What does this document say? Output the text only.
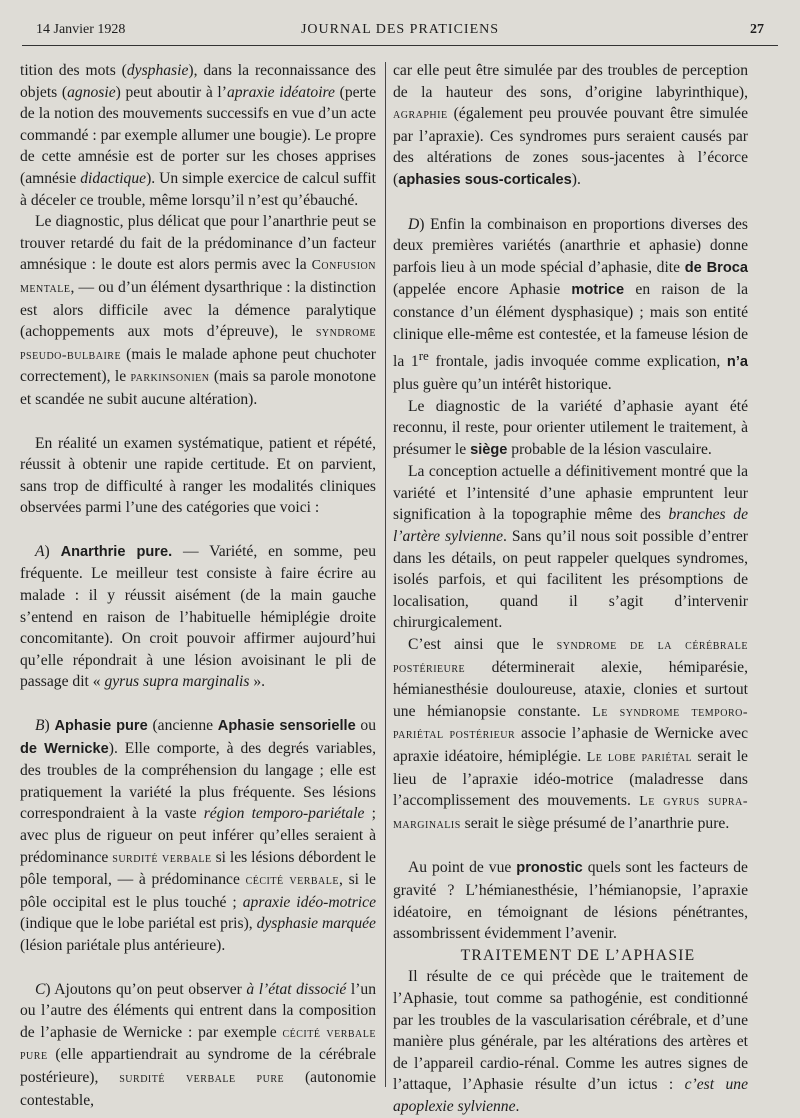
14 Janvier 1928	JOURNAL DES PRATICIENS	27

tition des mots (dysphasie), dans la reconnaissance des objets (agnosie) peut aboutir à l’apraxie idéatoire (perte de la notion des mouvements successifs en vue d’un acte commandé : par exemple allumer une bougie). Le propre de cette amnésie est de porter sur les choses apprises (amnésie didactique). Un simple exercice de calcul suffit à déceler ce trouble, même lorsqu’il n’est qu’ébauché.

Le diagnostic, plus délicat que pour l’anarthrie peut se trouver retardé du fait de la prédominance d’un facteur amnésique : le doute est alors permis avec la Confusion mentale, — ou d’un élément dysarthrique : la distinction est alors difficile avec la démence paralytique (achoppements aux mots d’épreuve), le syndrome pseudo-bulbaire (mais le malade aphone peut chuchoter correctement), le parkinsonien (mais sa parole monotone et scandée ne subit aucune altération).

En réalité un examen systématique, patient et répété, réussit à obtenir une rapide certitude. Et on parvient, sans trop de difficulté à ranger les modalités cliniques observées parmi l’une des catégories que voici :

A) Anarthrie pure. — Variété, en somme, peu fréquente. Le meilleur test consiste à faire écrire au malade : il y réussit aisément (de la main gauche s’entend en raison de l’habituelle hémiplégie droite concomitante). On croit pouvoir affirmer aujourd’hui qu’elle répondrait à une lésion avoisinant le pli de passage dit « gyrus supra marginalis ».

B) Aphasie pure (ancienne Aphasie sensorielle ou de Wernicke). Elle comporte, à des degrés variables, des troubles de la compréhension du langage ; elle est pratiquement la variété la plus fréquente. Ses lésions correspondraient à la vaste région temporo-pariétale ; avec plus de rigueur on peut inférer qu’elles seraient à prédominance surdité verbale si les lésions débordent le pôle temporal, — à prédominance cécité verbale, si le pôle occipital est le plus touché ; apraxie idéo-motrice (indique que le lobe pariétal est pris), dysphasie marquée (lésion pariétale plus antérieure).

C) Ajoutons qu’on peut observer à l’état dissocié l’un ou l’autre des éléments qui entrent dans la composition de l’aphasie de Wernicke : par exemple cécité verbale pure (elle appartiendrait au syndrome de la cérébrale postérieure), surdité verbale pure (autonomie contestable,

car elle peut être simulée par des troubles de perception de la hauteur des sons, d’origine labyrinthique), agraphie (également peu prouvée pouvant être simulée par l’apraxie). Ces syndromes purs seraient causés par des altérations de zones sous-jacentes à l’écorce (aphasies sous-corticales).

D) Enfin la combinaison en proportions diverses des deux premières variétés (anarthrie et aphasie) donne parfois lieu à un mode spécial d’aphasie, dite de Broca (appelée encore Aphasie motrice en raison de la constance d’un élément dysphasique) ; mais son entité clinique elle-même est contestée, et la fameuse lésion de la 1re frontale, jadis invoquée comme explication, n’a plus guère qu’un intérêt historique.

Le diagnostic de la variété d’aphasie ayant été reconnu, il reste, pour orienter utilement le traitement, à présumer le siège probable de la lésion vasculaire.

La conception actuelle a définitivement montré que la variété et l’intensité d’une aphasie empruntent leur signification à la topographie même des branches de l’artère sylvienne. Sans qu’il nous soit possible d’entrer dans les détails, on peut rappeler quelques syndromes, isolés parfois, et qui facilitent les présomptions de localisation, quand il s’agit d’intervenir chirurgicalement.

C’est ainsi que le syndrome de la cérébrale postérieure déterminerait alexie, hémiparésie, hémianesthésie douloureuse, ataxie, clonies et surtout une hémianopsie constante. Le syndrome temporo-pariétal postérieur associe l’aphasie de Wernicke avec apraxie idéatoire, hémiplégie. Le lobe pariétal serait le lieu de l’apraxie idéo-motrice (maladresse dans l’accomplissement des mouvements. Le gyrus supra-marginalis serait le siège présumé de l’anarthrie pure.

Au point de vue pronostic quels sont les facteurs de gravité ? L’hémianesthésie, l’hémianopsie, l’apraxie idéatoire, en témoignant de lésions pénétrantes, assombrissent évidemment l’avenir.

TRAITEMENT DE L’APHASIE

Il résulte de ce qui précède que le traitement de l’Aphasie, tout comme sa pathogénie, est conditionné par les troubles de la vascularisation cérébrale, et d’une manière plus générale, par les altérations des artères et de l’appareil cardio-rénal. Comme les autres signes de l’attaque, l’Aphasie résulte d’un ictus : c’est une apoplexie sylvienne.
